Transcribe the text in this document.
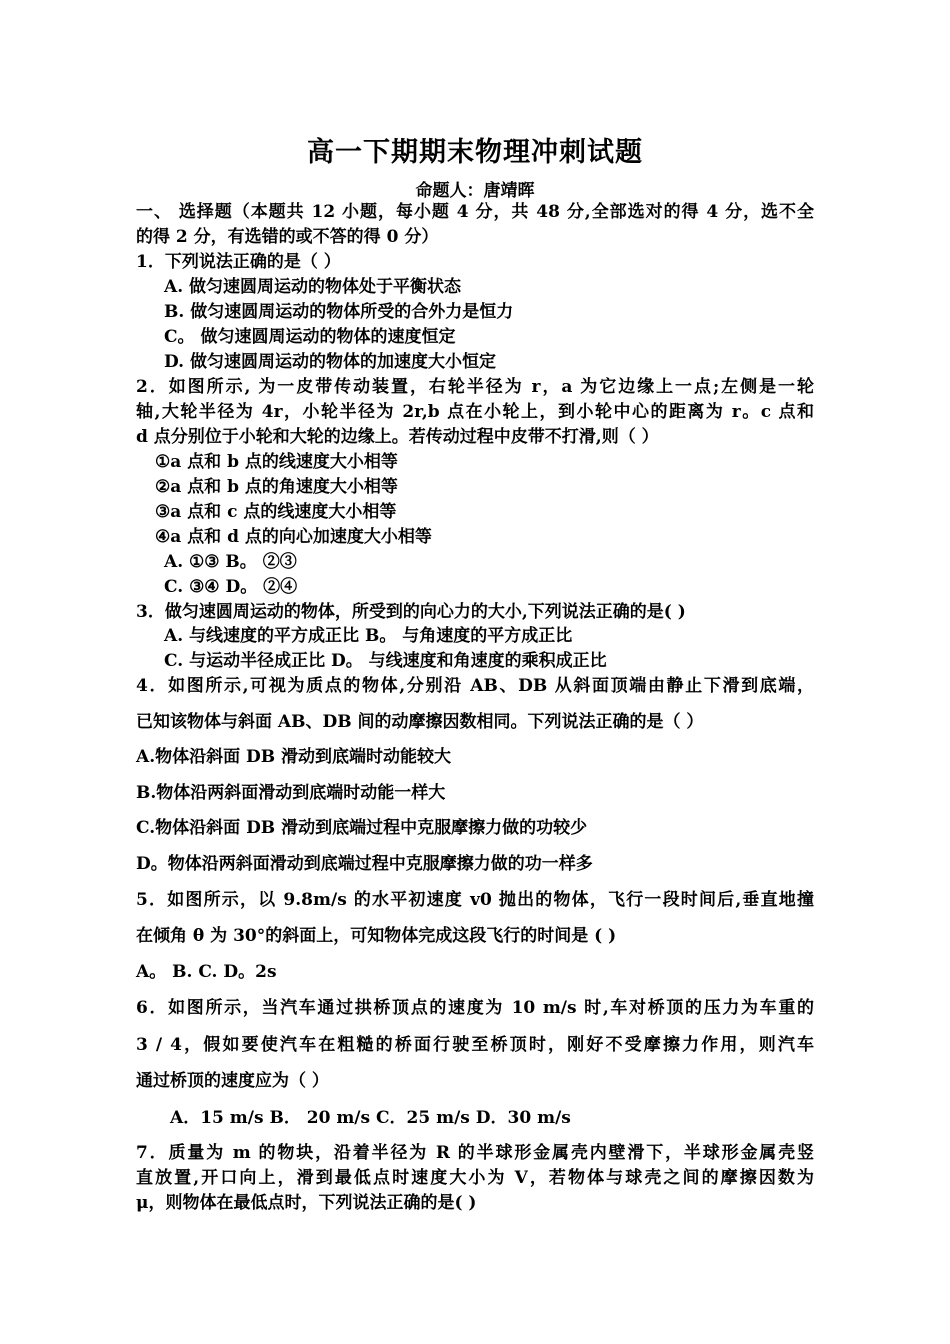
高一下期期末物理冲刺试题
命题人：唐靖晖
一、 选择题（本题共 12 小题，每小题 4 分，共 48 分,全部选对的得 4 分，选不全
的得 2 分，有选错的或不答的得 0 分）
1．下列说法正确的是（ ）
A. 做匀速圆周运动的物体处于平衡状态
B. 做匀速圆周运动的物体所受的合外力是恒力
C。 做匀速圆周运动的物体的速度恒定
D. 做匀速圆周运动的物体的加速度大小恒定
2．如图所示, 为一皮带传动装置，右轮半径为 r，a 为它边缘上一点;左侧是一轮
轴,大轮半径为 4r，小轮半径为 2r,b 点在小轮上，到小轮中心的距离为 r。c 点和
d 点分别位于小轮和大轮的边缘上。若传动过程中皮带不打滑,则（ ）
①a 点和 b 点的线速度大小相等
②a 点和 b 点的角速度大小相等
③a 点和 c 点的线速度大小相等
④a 点和 d 点的向心加速度大小相等
A. ①③ B。 ②③
C. ③④ D。 ②④
3．做匀速圆周运动的物体，所受到的向心力的大小,下列说法正确的是( )
A. 与线速度的平方成正比 B。 与角速度的平方成正比
C. 与运动半径成正比 D。 与线速度和角速度的乘积成正比
4．如图所示,可视为质点的物体,分别沿 AB、DB 从斜面顶端由静止下滑到底端，
已知该物体与斜面 AB、DB 间的动摩擦因数相同。下列说法正确的是（ ）
A.物体沿斜面 DB 滑动到底端时动能较大
B.物体沿两斜面滑动到底端时动能一样大
C.物体沿斜面 DB 滑动到底端过程中克服摩擦力做的功较少
D。物体沿两斜面滑动到底端过程中克服摩擦力做的功一样多
5．如图所示，以 9.8m/s 的水平初速度 v0 抛出的物体，飞行一段时间后,垂直地撞
在倾角 θ 为 30°的斜面上，可知物体完成这段飞行的时间是 ( )
A。 B. C. D。2s
6．如图所示，当汽车通过拱桥顶点的速度为 10 m/s 时,车对桥顶的压力为车重的
3 / 4，假如要使汽车在粗糙的桥面行驶至桥顶时，刚好不受摩擦力作用，则汽车
通过桥顶的速度应为（ ）
A．15 m/s B． 20 m/s C．25 m/s D．30 m/s
7．质量为 m 的物块，沿着半径为 R 的半球形金属壳内壁滑下，半球形金属壳竖
直放置,开口向上，滑到最低点时速度大小为 V，若物体与球壳之间的摩擦因数为
μ，则物体在最低点时，下列说法正确的是( )
